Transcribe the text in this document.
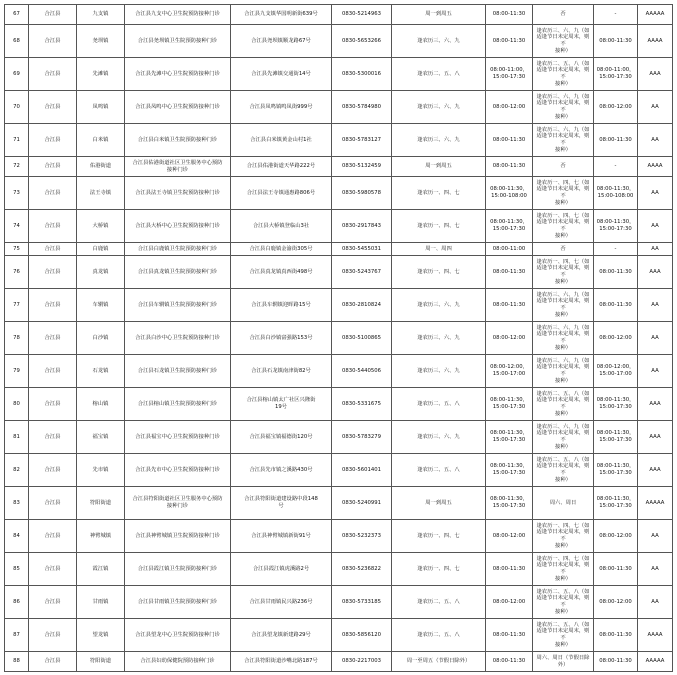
67	合江县	九支镇	合江县九支中心卫生院预防接种门诊	合江县九支镇华国明新街639号	0830-5214963	周一到周五	08:00-11:30	否	-	AAAAA
68	合江县	尧坝镇	合江县尧坝镇卫生院预防接种门诊	合江县尧坝镇顺龙路67号	0830-5653266	逢农历三、六、九	08:00-11:30	逢农历三、六、九（如
适逢节日未定周末，则不
接种）	08:00-11:30	AAAA
69	合江县	先滩镇	合江县先滩中心卫生院预防接种门诊	合江县先滩镇交通街14号	0830-5300016	逢农历二、五、八	08:00-11:00，
15:00-17:30	逢农历二、五、八（如
适逢节日未定周末，则不
接种）	08:00-11:00，
15:00-17:30	AAA
70	合江县	凤鸣镇	合江县凤鸣中心卫生院预防接种门诊	合江县凤鸣镇鸣凤街999号	0830-5784980	逢农历三、六、九	08:00-12:00	逢农历三、六、九（如
适逢节日未定周末，则不
接种）	08:00-12:00	AA
71	合江县	白米镇	合江县白米镇卫生院预防接种门诊	合江县白米镇黄金山村1社	0830-5783127	逢农历三、六、九	08:00-11:30	逢农历三、六、九（如
适逢节日未定周末，则不
接种）	08:00-11:30	AA
72	合江县	佑港街道	合江县佑港街道社区卫生服务中心预防
接种门诊	合江县佑港街道天华路222号	0830-5132459	周一到周五	08:00-11:30	否	-	AAAA
73	合江县	法王寺镇	合江县法王寺镇卫生院预防接种门诊	合江县法王寺镇通惠路806号	0830-5980578	逢农历一、四、七	08:00-11:30，
15:00-108:00	逢农历一、四、七（如
适逢节日未定周末，则不
接种）	08:00-11:30，
15:00-108:00	AA
74	合江县	大桥镇	合江县大桥中心卫生院预防接种门诊	合江县大桥镇登临山3社	0830-2917843	逢农历一、四、七	08:00-11:30，
15:00-17:30	逢农历一、四、七（如
适逢节日未定周末，则不
接种）	08:00-11:30，
15:00-17:30	AA
75	合江县	白鹿镇	合江县白鹿镇卫生院预防接种门诊	合江县白鹿镇金渝街305号	0830-5455031	周一、周四	08:00-11:00	否	-	AA
76	合江县	真龙镇	合江县真龙镇卫生院预防接种门诊	合江县真龙镇真西街498号	0830-5243767	逢农历一、四、七	08:00-11:30	逢农历一、四、七（如
适逢节日未定周末，则不
接种）	08:00-11:30	AAA
77	合江县	车辋镇	合江县车辋镇卫生院预防接种门诊	合江县车辋镇迎晖路15号	0830-2810824	逢农历三、六、九	08:00-11:30	逢农历三、六、九（如
适逢节日未定周末，则不
接种）	08:00-11:30	AA
78	合江县	白沙镇	合江县白沙中心卫生院预防接种门诊	合江县白沙镇富强路153号	0830-5100865	逢农历三、六、九	08:00-12:00	逢农历三、六、九（如
适逢节日未定周末，则不
接种）	08:00-12:00	AA
79	合江县	石龙镇	合江县石龙镇卫生院预防接种门诊	合江县石龙镇南津街82号	0830-5440506	逢农历三、六、九	08:00-12:00，
15:00-17:00	逢农历三、六、九（如
适逢节日未定周末，则不
接种）	08:00-12:00，
15:00-17:00	AA
80	合江县	榕山镇	合江县榕山镇卫生院预防接种门诊	合江县榕山镇太广社区兴隆街
19号	0830-5331675	逢农历二、五、八	08:00-11:30，
15:00-17:30	逢农历二、五、八（如
适逢节日未定周末，则不
接种）	08:00-11:30，
15:00-17:30	AAA
81	合江县	福宝镇	合江县福宝中心卫生院预防接种门诊	合江县福宝镇福德街120号	0830-5783279	逢农历三、六、九	08:00-11:30，
15:00-17:30	逢农历三、六、九（如
适逢节日未定周末，则不
接种）	08:00-11:30，
15:00-17:30	AAA
82	合江县	先市镇	合江县先市中心卫生院预防接种门诊	合江县先市镇之溪路430号	0830-5601401	逢农历二、五、八	08:00-11:30，
15:00-17:30	逢农历二、五、八（如
适逢节日未定周末，则不
接种）	08:00-11:30，
15:00-17:30	AAA
83	合江县	符阳街道	合江县符阳街道社区卫生服务中心预防
接种门诊	合江县符阳街道建设路中段148
号	0830-5240991	周一到周五	08:00-11:30，
15:00-17:30	周六、周日	08:00-11:30，
15:00-17:30	AAAAA
84	合江县	神臂城镇	合江县神臂城镇卫生院预防接种门诊	合江县神臂城镇新街91号	0830-5232373	逢农历一、四、七	08:00-12:00	逢农历一、四、七（如
适逢节日未定周末，则不
接种）	08:00-12:00	AA
85	合江县	霞江镇	合江县霞江镇卫生院预防接种门诊	合江县霞江镇虎溪路2号	0830-5236822	逢农历一、四、七	08:00-11:30	逢农历一、四、七（如
适逢节日未定周末，则不
接种）	08:00-11:30	AA
86	合江县	甘雨镇	合江县甘雨镇卫生院预防接种门诊	合江县甘雨镇民兴路236号	0830-5733185	逢农历二、五、八	08:00-12:00	逢农历二、五、八（如
适逢节日未定周末，则不
接种）	08:00-12:00	AA
87	合江县	望龙镇	合江县望龙中心卫生院预防接种门诊	合江县望龙镇新建路29号	0830-5856120	逢农历二、五、八	08:00-11:30	逢农历二、五、八（如
适逢节日未定周末，则不
接种）	08:00-11:30	AAAA
88	合江县	符阳街道	合江县妇幼保健院预防接种门诊	合江县符阳街道沙嘴北路187号	0830-2217003	周一至周五（节假日除外）	08:00-11:30	周六、周日（节假日除
外）	08:00-11:30	AAAAA
